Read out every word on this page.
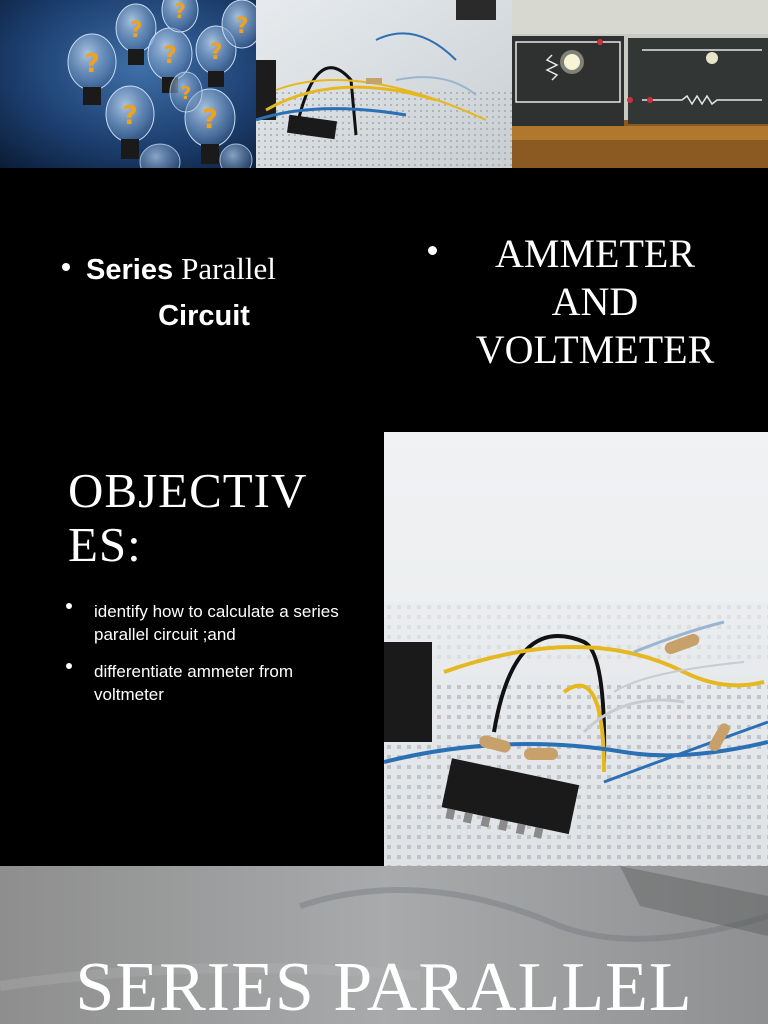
?
?
?
?
?
?
? ?
?
Series Parallel
Circuit
AMMETER AND VOLTMETER
OBJECTIVES:
identify how to calculate a series parallel circuit ;and
differentiate ammeter from voltmeter
SERIES PARALLEL
